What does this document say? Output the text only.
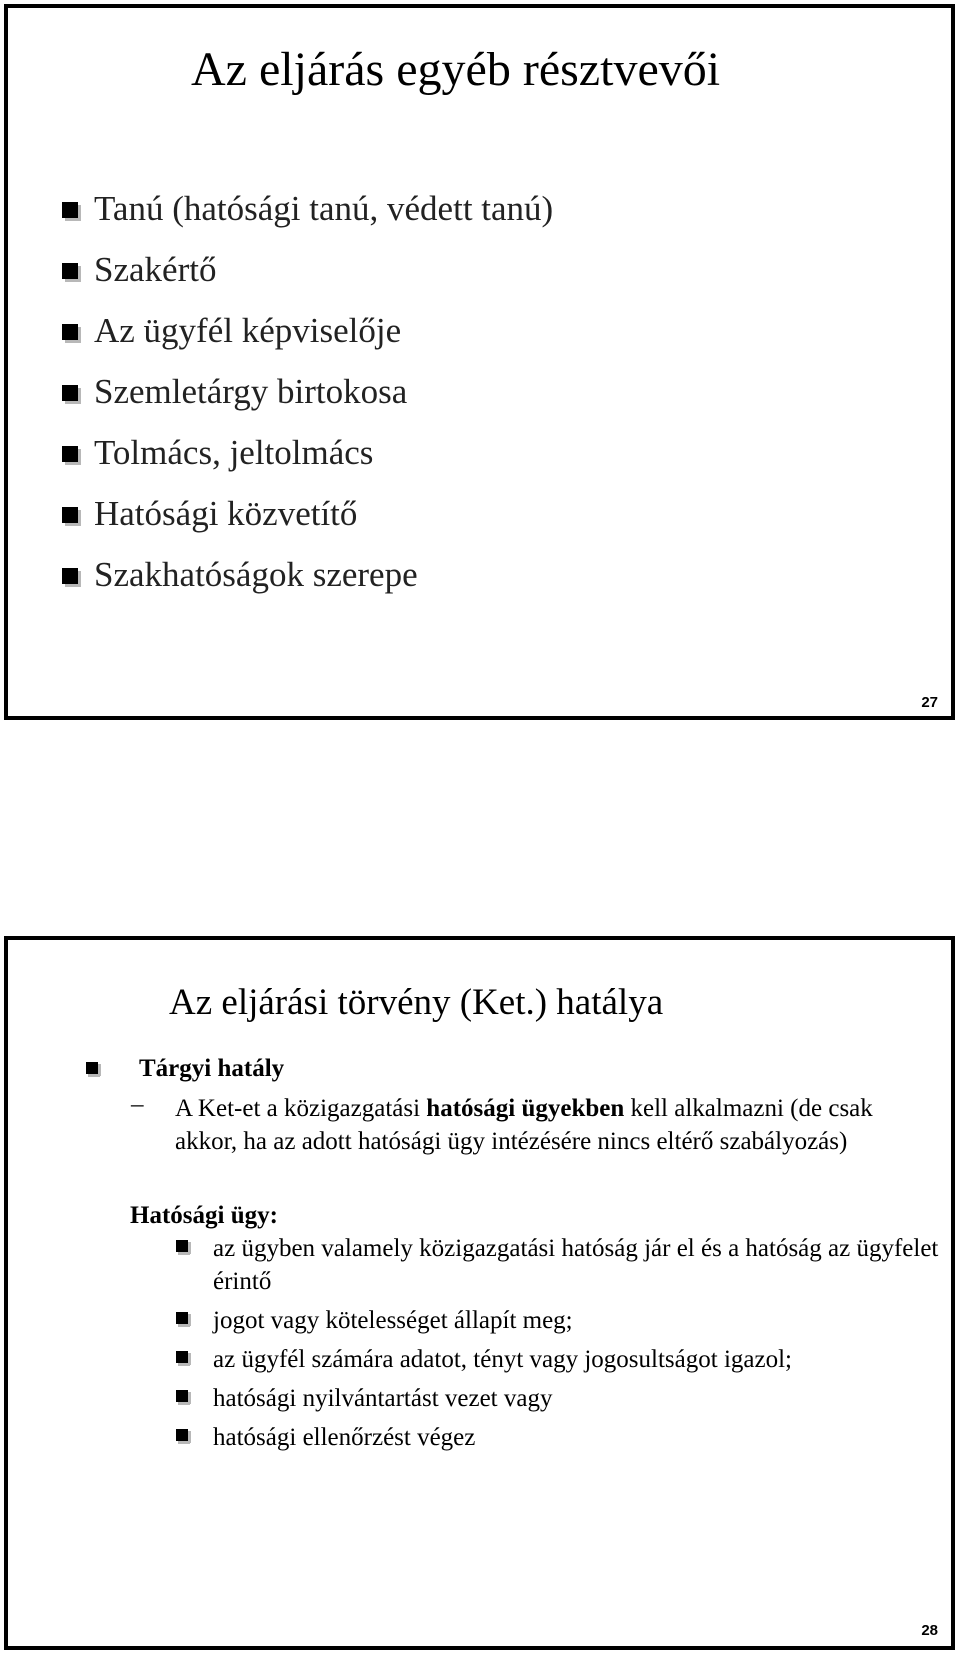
Az eljárás egyéb résztvevői
Tanú (hatósági tanú, védett tanú)
Szakértő
Az ügyfél képviselője
Szemletárgy birtokosa
Tolmács, jeltolmács
Hatósági közvetítő
Szakhatóságok szerepe
27
Az eljárási törvény (Ket.) hatálya
Tárgyi hatály
– A Ket-et a közigazgatási hatósági ügyekben kell alkalmazni (de csak akkor, ha az adott hatósági ügy intézésére nincs eltérő szabályozás)

Hatósági ügy:
az ügyben valamely közigazgatási hatóság jár el és a hatóság az ügyfelet érintő
jogot vagy kötelességet állapít meg;
az ügyfél számára adatot, tényt vagy jogosultságot igazol;
hatósági nyilvántartást vezet vagy
hatósági ellenőrzést végez
28
